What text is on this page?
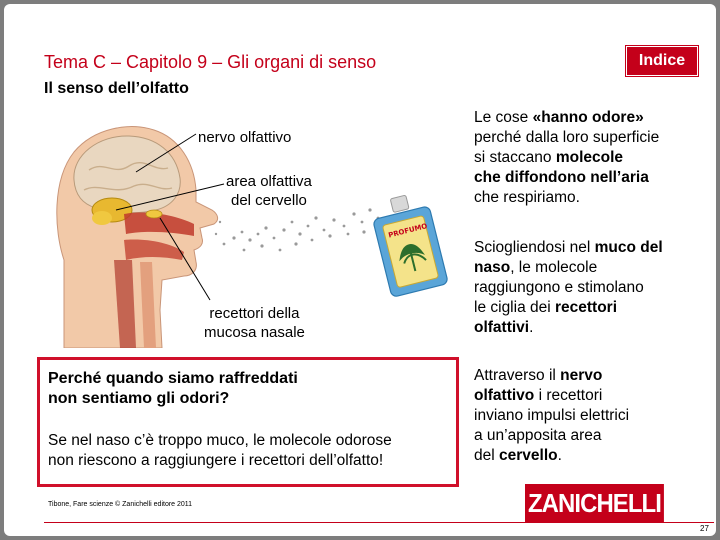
Tema C – Capitolo 9 – Gli organi di senso	Indice
Il senso dell’olfatto
PROFUMO
nervo olfattivo
area olfattiva
del cervello
recettori della
mucosa nasale
Le cose «hanno odore»
perché dalla loro superficie
si staccano molecole
che diffondono nell’aria
che respiriamo.
Sciogliendosi nel muco del
naso, le molecole
raggiungono e stimolano
le ciglia dei recettori
olfattivi.
Attraverso il nervo
olfattivo i recettori
inviano impulsi elettrici
a un’apposita area
del cervello.
Perché quando siamo raffreddati
non sentiamo gli odori?
Se nel naso c’è troppo muco, le molecole odorose
non riescono a raggiungere i recettori dell’olfatto!
Tibone, Fare scienze © Zanichelli editore 2011	ZANICHELLI
27
